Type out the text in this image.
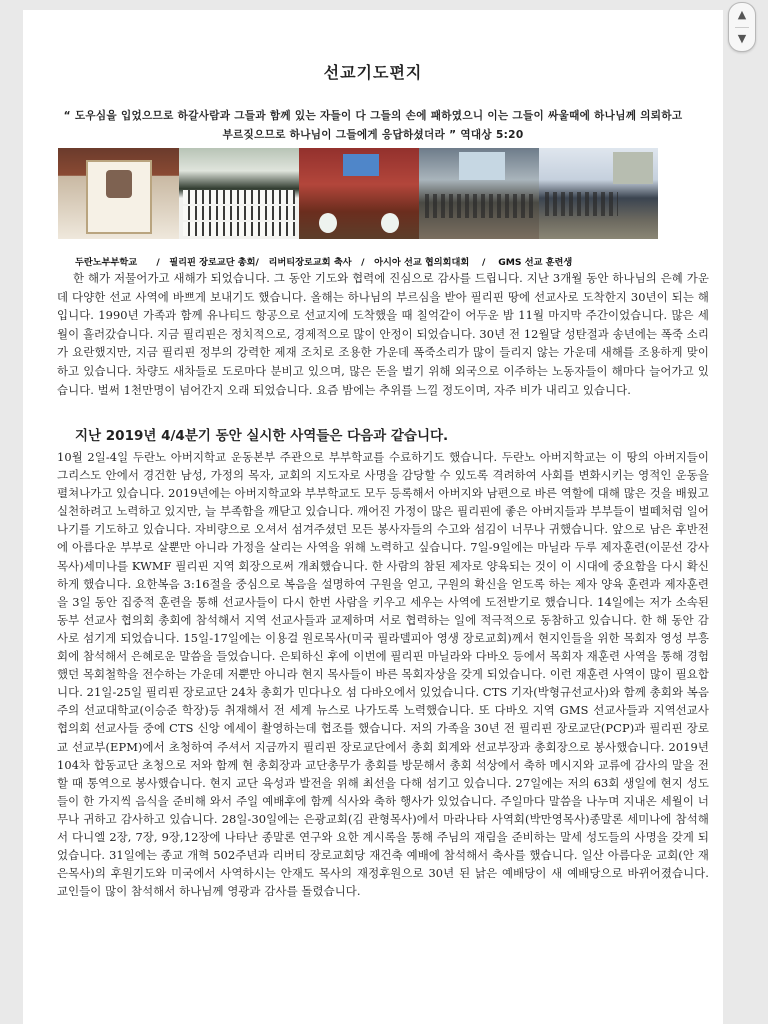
선교기도편지
“ 도우심을 입었으므로 하갈사람과 그들과 함께 있는 자들이 다 그들의 손에 패하였으니 이는 그들이 싸울때에 하나님께 의뢰하고 부르짖으므로 하나님이 그들에게 응답하셨더라 ” 역대상 5:20
두란노부부학교      /   필리핀 장로교단 총회/   리버티장로교회 축사   /   아시아 선교 협의회대회    /    GMS 선교 훈련생
한 해가 저물어가고 새해가 되었습니다. 그 동안 기도와 협력에 진심으로 감사를 드립니다. 지난 3개월 동안 하나님의 은혜 가운데 다양한 선교 사역에 바쁘게 보내기도 했습니다. 올해는 하나님의 부르심을 받아 필리핀 땅에 선교사로 도착한지 30년이 되는 해 입니다. 1990년 가족과 함께 유나티드 항공으로 선교지에 도착했을 때 칠억같이 어두운 밤 11월 마지막 주간이었습니다. 많은 세월이 흘러갔습니다. 지금 필리핀은 정치적으로, 경제적으로 많이 안정이 되었습니다. 30년 전 12월달 성탄절과 송년에는 폭죽 소리가 요란했지만, 지금 필리핀 정부의 강력한 제재 조치로 조용한 가운데 폭죽소리가 많이 들리지 않는 가운데 새해를 조용하게 맞이하고 있습니다. 차량도 새차들로 도로마다 분비고 있으며, 많은 돈을 벌기 위해 외국으로 이주하는 노동자들이 해마다 늘어가고 있습니다. 벌써 1천만명이 넘어간지 오래 되었습니다. 요즘 밤에는 추위를 느낄 정도이며, 자주 비가 내리고 있습니다.
지난 2019년 4/4분기 동안 실시한 사역들은 다음과 같습니다.
10월 2일-4일 두란노 아버지학교 운동본부 주관으로 부부학교를 수료하기도 했습니다. 두란노 아버지학교는 이 땅의 아버지들이 그리스도 안에서 경건한 남성, 가정의 목자, 교회의 지도자로 사명을 감당할 수 있도록 격려하여 사회를 변화시키는 영적인 운동을 펼쳐나가고 있습니다. 2019년에는 아버지학교와 부부학교도 모두 등록해서 아버지와 남편으로 바른 역할에 대해 많은 것을 배웠고 실천하려고 노력하고 있지만, 늘 부족함을 깨닫고 있습니다. 깨어진 가정이 많은 필리핀에 좋은 아버지들과 부부들이 벌떼처럼 일어나기를 기도하고 있습니다. 자비량으로 오셔서 섬겨주셨던 모든 봉사자들의 수고와 섬김이 너무나 귀했습니다. 앞으로 남은 후반전에 아름다운 부부로 살뿐만 아니라 가정을 살리는 사역을 위해 노력하고 싶습니다. 7일-9일에는 마닐라 두루 제자훈련(이문선 강사 목사)세미나를 KWMF 필리핀 지역 회장으로써 개최했습니다. 한 사람의 참된 제자로 양육되는 것이 이 시대에 중요함을 다시 확신하게 했습니다. 요한복음 3:16절을 중심으로 복음을 설명하여 구원을 얻고, 구원의 확신을 얻도록 하는 제자 양육 훈련과 제자훈련을 3일 동안 집중적 훈련을 통해 선교사들이 다시 한번 사람을 키우고 세우는 사역에 도전받기로 했습니다. 14일에는 저가 소속된 동부 선교사 협의회 총회에 참석해서 지역 선교사들과 교제하며 서로 협력하는 일에 적극적으로 동참하고 있습니다. 한 해 동안 감사로 섬기게 되었습니다. 15일-17일에는 이용걸 원로목사(미국 필라델피아 영생 장로교회)께서 현지인들을 위한 목회자 영성 부흥회에 참석해서 은혜로운 말씀을 들었습니다. 은퇴하신 후에 이번에 필리핀 마닐라와 다바오 등에서 목회자 재훈련 사역을 통해 경험했던 목회철학을 전수하는 가운데 저뿐만 아니라 현지 목사들이 바른 목회자상을 갖게 되었습니다. 이런 재훈련 사역이 많이 필요합니다. 21일-25일 필리핀 장로교단 24차 총회가 민다나오 섬 다바오에서 있었습니다. CTS 기자(박형규선교사)와 함께 총회와 복음주의 선교대학교(이승준 학장)등 취재해서 전 세계 뉴스로 나가도록 노력했습니다. 또 다바오 지역 GMS 선교사들과 지역선교사 협의회 선교사들 중에 CTS 신앙 에세이 촬영하는데 협조를 했습니다. 저의 가족을 30년 전 필리핀 장로교단(PCP)과 필리핀 장로교 선교부(EPM)에서 초청하여 주셔서 지금까지 필리핀 장로교단에서 총회 회계와 선교부장과 총회장으로 봉사했습니다. 2019년 104차 합동교단 초청으로 저와 함께 현 총회장과 교단총무가 총회를 방문해서 총회 석상에서 축하 메시지와 교류에 감사의 말을 전할 때 통역으로 봉사했습니다. 현지 교단 육성과 발전을 위해 최선을 다해 섬기고 있습니다. 27일에는 저의 63회 생일에 현지 성도들이 한 가지씩 음식을 준비해 와서 주일 예배후에 함께 식사와 축하 행사가 있었습니다. 주일마다 말씀을 나누며 지내온 세월이 너무나 귀하고 감사하고 있습니다. 28일-30일에는 은광교회(김 관형목사)에서 마라나타 사역회(박만영목사)종말론 세미나에 참석해서 다니엘 2장, 7장, 9장,12장에 나타난 종말론 연구와 요한 계시록을 통해 주님의 재림을 준비하는 말세 성도들의 사명을 갖게 되었습니다. 31일에는 종교 개혁 502주년과 리버티 장로교회당 재건축 예배에 참석해서 축사를 했습니다. 일산 아름다운 교회(안 재은목사)의 후원기도와 미국에서 사역하시는 안재도 목사의 재정후원으로 30년 된 낡은 예배당이 새 예배당으로 바뀌어졌습니다. 교인들이 많이 참석해서 하나님께 영광과 감사를 돌렸습니다.
▲
▼
